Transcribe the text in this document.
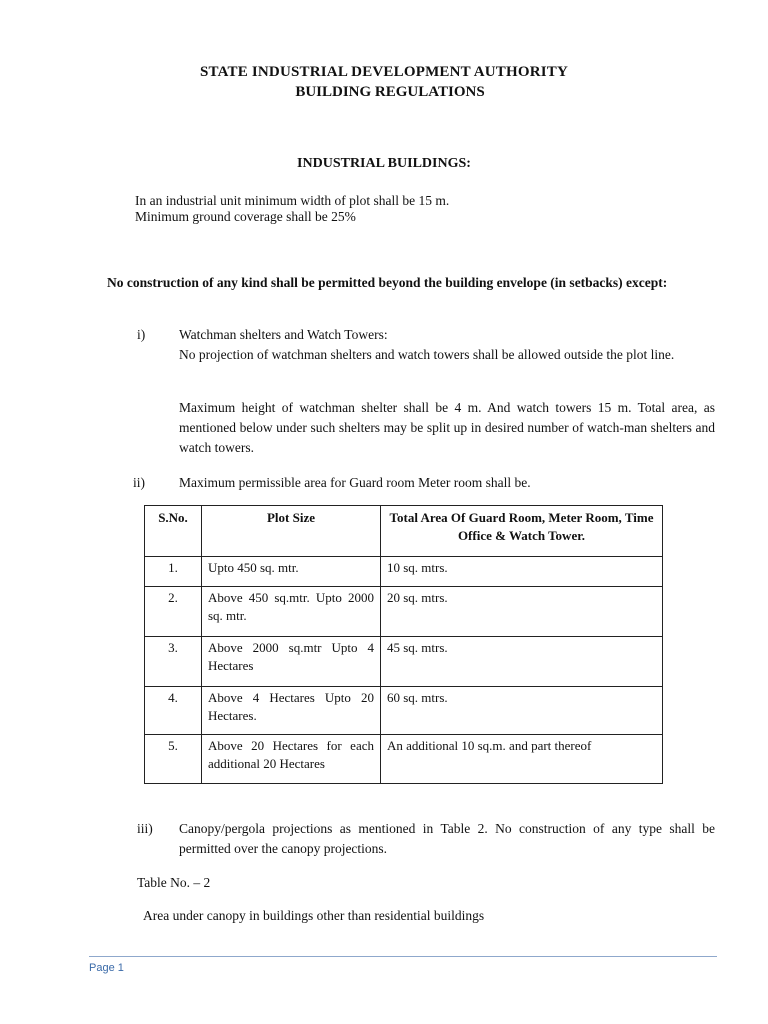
STATE INDUSTRIAL DEVELOPMENT AUTHORITY
BUILDING REGULATIONS
INDUSTRIAL BUILDINGS:
In an industrial unit minimum width of plot shall be 15 m.
Minimum ground coverage shall be 25%
No construction of any kind shall be permitted beyond the building envelope (in setbacks) except:
i)	Watchman shelters and Watch Towers:
No projection of watchman shelters and watch towers shall be allowed outside the plot line.
Maximum height of watchman shelter shall be 4 m. And watch towers 15 m. Total area, as mentioned below under such shelters may be split up in desired number of watch-man shelters and watch towers.
ii)	Maximum permissible area for Guard room Meter room shall be.
S.No.	Plot Size	Total Area Of Guard Room, Meter Room, Time Office & Watch Tower.
1.	Upto 450 sq. mtr.	10 sq. mtrs.
2.	Above 450 sq.mtr. Upto 2000 sq. mtr.	20 sq. mtrs.
3.	Above 2000 sq.mtr Upto 4 Hectares	45 sq. mtrs.
4.	Above 4 Hectares Upto 20 Hectares.	60 sq. mtrs.
5.	Above 20 Hectares for each additional 20 Hectares	An additional 10 sq.m. and part thereof
iii) Canopy/pergola projections as mentioned in Table 2. No construction of any type shall be permitted over the canopy projections.
Table No. – 2
Area under canopy in buildings other than residential buildings
Page 1
